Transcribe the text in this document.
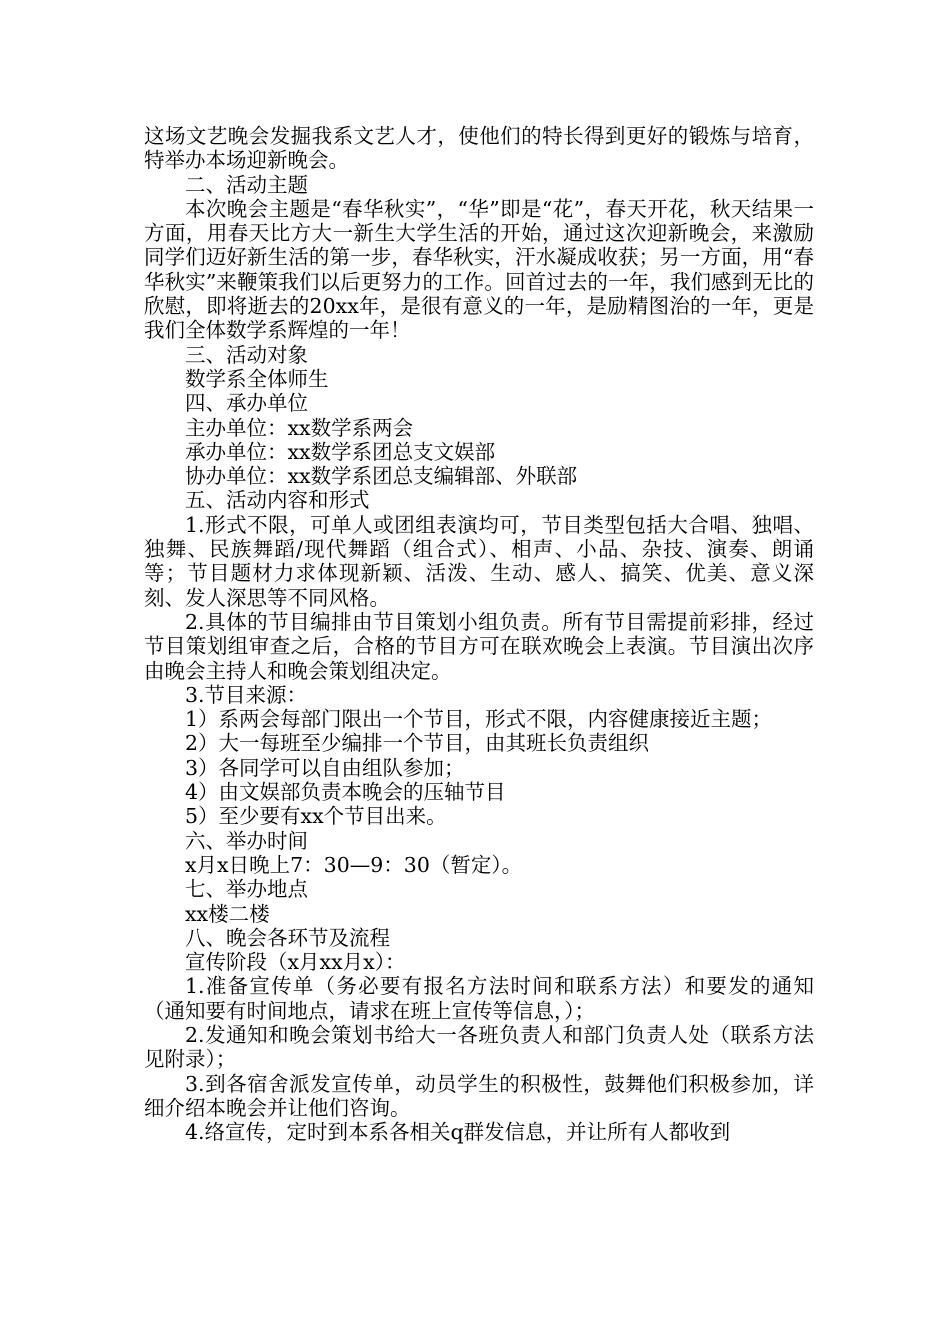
这场文艺晚会发掘我系文艺人才，使他们的特长得到更好的锻炼与培育，特举办本场迎新晚会。

二、活动主题

本次晚会主题是“春华秋实”，“华”即是“花”，春天开花，秋天结果一方面，用春天比方大一新生大学生活的开始，通过这次迎新晚会，来激励同学们迈好新生活的第一步，春华秋实，汗水凝成收获；另一方面，用“春华秋实”来鞭策我们以后更努力的工作。回首过去的一年，我们感到无比的欣慰，即将逝去的20xx年，是很有意义的一年，是励精图治的一年，更是我们全体数学系辉煌的一年！

三、活动对象

数学系全体师生

四、承办单位

主办单位：xx数学系两会

承办单位：xx数学系团总支文娱部

协办单位：xx数学系团总支编辑部、外联部

五、活动内容和形式

1.形式不限，可单人或团组表演均可，节目类型包括大合唱、独唱、独舞、民族舞蹈/现代舞蹈（组合式）、相声、小品、杂技、演奏、朗诵等；节目题材力求体现新颖、活泼、生动、感人、搞笑、优美、意义深刻、发人深思等不同风格。

2.具体的节目编排由节目策划小组负责。所有节目需提前彩排，经过节目策划组审查之后，合格的节目方可在联欢晚会上表演。节目演出次序由晚会主持人和晚会策划组决定。

3.节目来源：

1）系两会每部门限出一个节目，形式不限，内容健康接近主题；

2）大一每班至少编排一个节目，由其班长负责组织

3）各同学可以自由组队参加；

4）由文娱部负责本晚会的压轴节目

5）至少要有xx个节目出来。

六、举办时间

x月x日晚上7：30—9：30（暂定）。

七、举办地点

xx楼二楼

八、晚会各环节及流程

宣传阶段（x月xx月x）：

1.准备宣传单（务必要有报名方法时间和联系方法）和要发的通知（通知要有时间地点，请求在班上宣传等信息，）；

2.发通知和晚会策划书给大一各班负责人和部门负责人处（联系方法见附录）；

3.到各宿舍派发宣传单，动员学生的积极性，鼓舞他们积极参加，详细介绍本晚会并让他们咨询。

4.络宣传，定时到本系各相关q群发信息，并让所有人都收到
